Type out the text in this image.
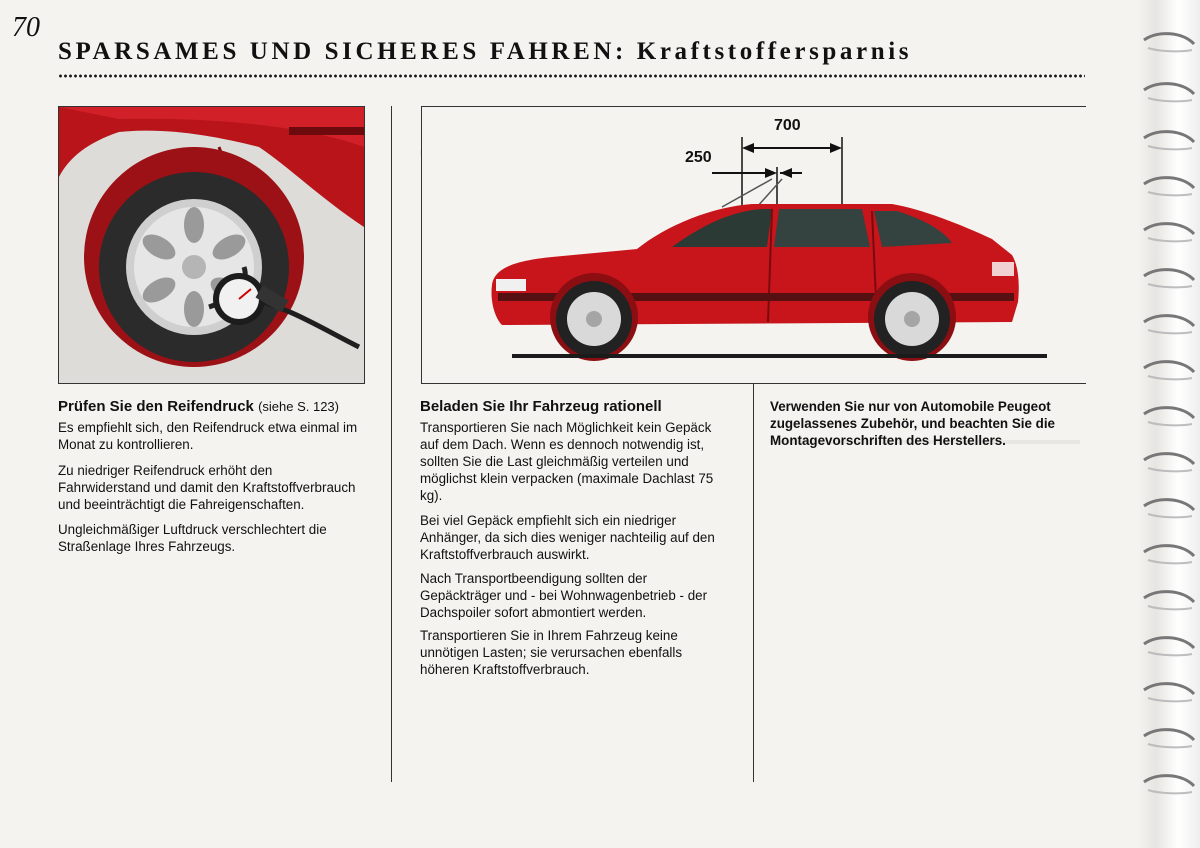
70
SPARSAMES UND SICHERES FAHREN: Kraftstoffersparnis
Prüfen Sie den Reifendruck (siehe S. 123)

Es empfiehlt sich, den Reifendruck etwa einmal im Monat zu kontrollieren.

Zu niedriger Reifendruck erhöht den Fahrwiderstand und damit den Kraftstoffverbrauch und beeinträchtigt die Fahreigenschaften.

Ungleichmäßiger Luftdruck verschlechtert die Straßenlage Ihres Fahrzeugs.

700
250
Beladen Sie Ihr Fahrzeug rationell

Transportieren Sie nach Möglichkeit kein Gepäck auf dem Dach. Wenn es dennoch notwendig ist, sollten Sie die Last gleichmäßig verteilen und möglichst klein verpacken (maximale Dachlast 75 kg).

Bei viel Gepäck empfiehlt sich ein niedriger Anhänger, da sich dies weniger nachteilig auf den Kraftstoffverbrauch auswirkt.

Nach Transportbeendigung sollten der Gepäckträger und - bei Wohnwagenbetrieb - der Dachspoiler sofort abmontiert werden.

Transportieren Sie in Ihrem Fahrzeug keine unnötigen Lasten; sie verursachen ebenfalls höheren Kraftstoffverbrauch.

Verwenden Sie nur von Automobile Peugeot zugelassenes Zubehör, und beachten Sie die Montagevorschriften des Herstellers.
